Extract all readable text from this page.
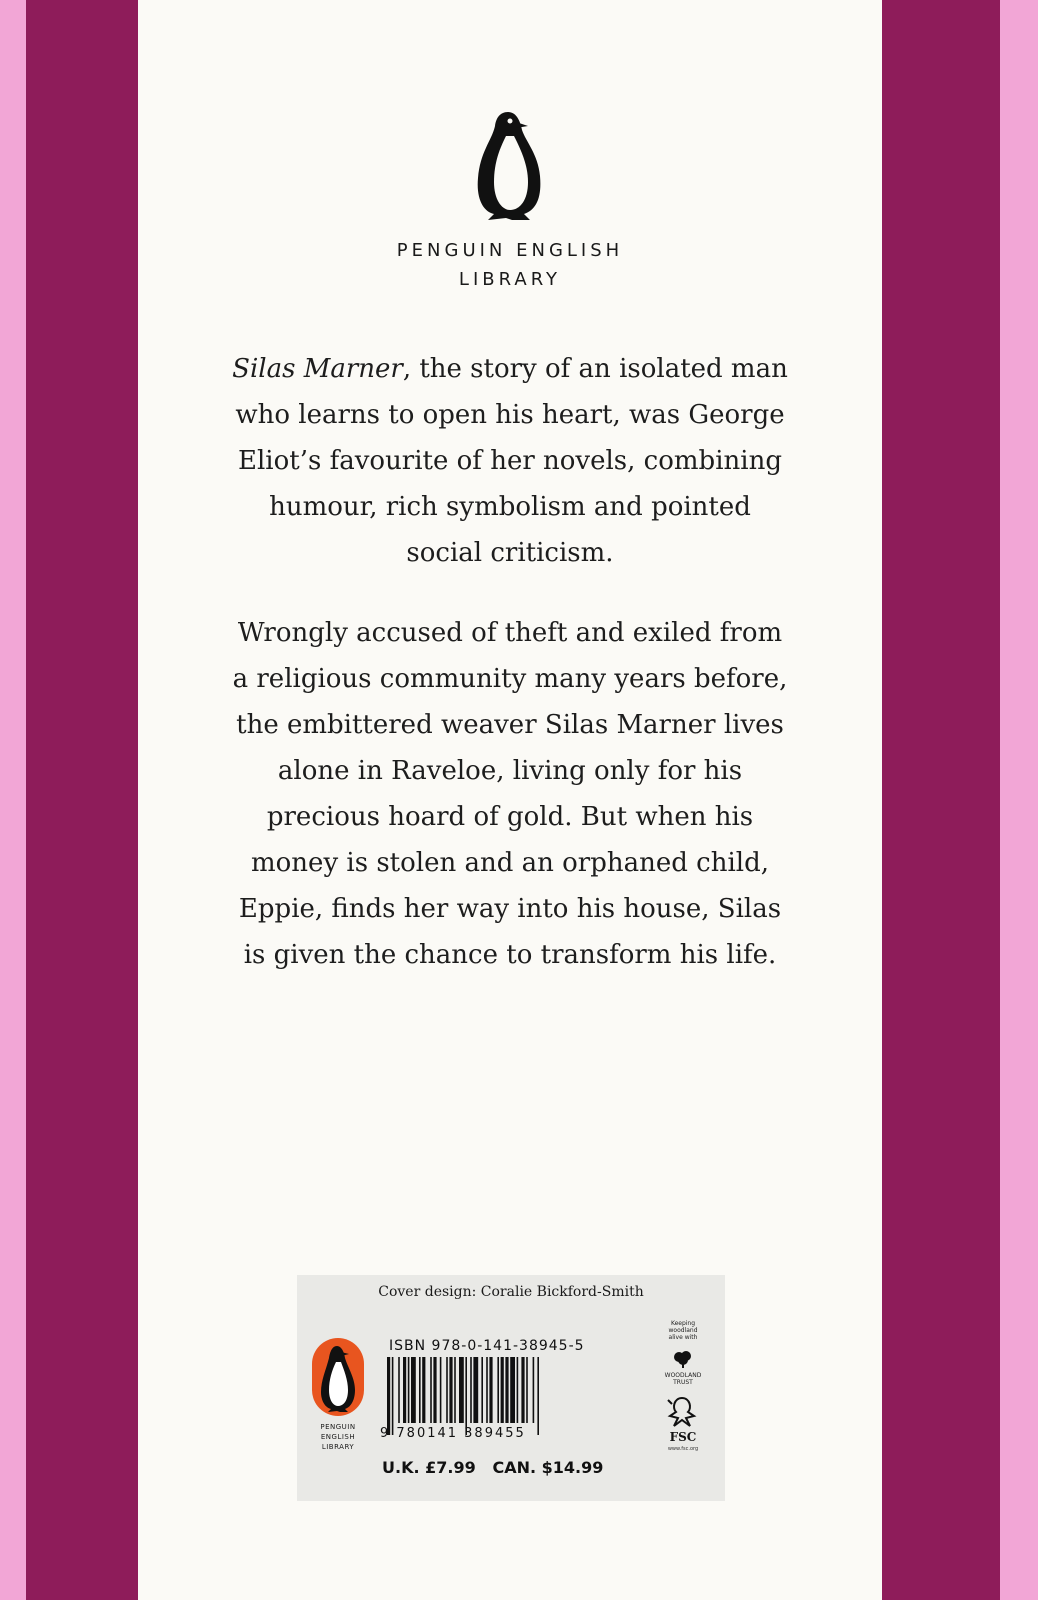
PENGUIN ENGLISH
LIBRARY
Silas Marner, the story of an isolated man who learns to open his heart, was George Eliot’s favourite of her novels, combining humour, rich symbolism and pointed social criticism.
Wrongly accused of theft and exiled from a religious community many years before, the embittered weaver Silas Marner lives alone in Raveloe, living only for his precious hoard of gold. But when his money is stolen and an orphaned child, Eppie, finds her way into his house, Silas is given the chance to transform his life.
Cover design: Coralie Bickford-Smith
PENGUIN
ENGLISH
LIBRARY
ISBN 978-0-141-38945-5
9 780141 389455
Keeping
woodland
alive with
WOODLAND
TRUST
FSC
www.fsc.org
U.K. £7.99 CAN. $14.99
